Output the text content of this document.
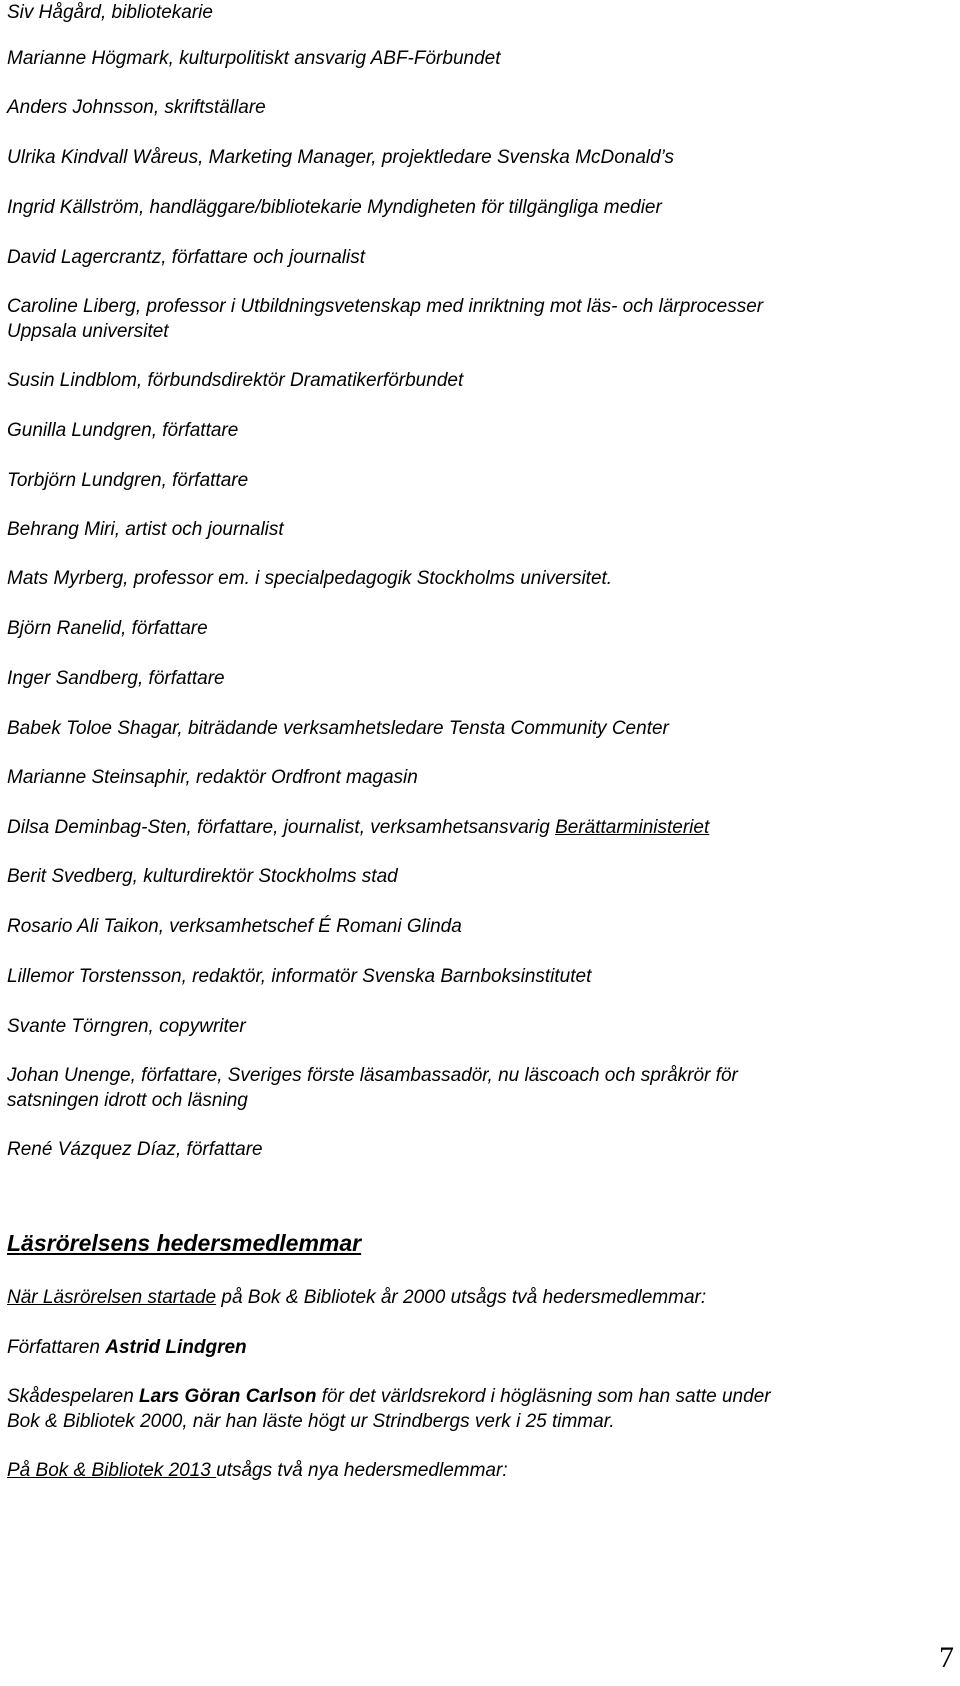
Siv Hågård, bibliotekarie
Marianne Högmark, kulturpolitiskt ansvarig ABF-Förbundet
Anders Johnsson, skriftställare
Ulrika Kindvall Wåreus, Marketing Manager, projektledare Svenska McDonald’s
Ingrid Källström, handläggare/bibliotekarie Myndigheten för tillgängliga medier
David Lagercrantz, författare och journalist
Caroline Liberg, professor i Utbildningsvetenskap med inriktning mot läs- och lärprocesser
Uppsala universitet
Susin Lindblom, förbundsdirektör Dramatikerförbundet
Gunilla Lundgren, författare
Torbjörn Lundgren, författare
Behrang Miri, artist och journalist
Mats Myrberg, professor em. i specialpedagogik Stockholms universitet.
Björn Ranelid, författare
Inger Sandberg, författare
Babek Toloe Shagar, biträdande verksamhetsledare Tensta Community Center
Marianne Steinsaphir, redaktör Ordfront magasin
Dilsa Deminbag-Sten, författare, journalist, verksamhetsansvarig Berättarministeriet
Berit Svedberg, kulturdirektör Stockholms stad
Rosario Ali Taikon, verksamhetschef É Romani Glinda
Lillemor Torstensson, redaktör, informatör Svenska Barnboksinstitutet
Svante Törngren, copywriter
Johan Unenge, författare, Sveriges förste läsambassadör, nu läscoach och språkrör för
satsningen idrott och läsning
René Vázquez Díaz, författare
Läsrörelsens hedersmedlemmar
När Läsrörelsen startade på Bok & Bibliotek år 2000 utsågs två hedersmedlemmar:
Författaren Astrid Lindgren
Skådespelaren Lars Göran Carlson för det världsrekord i högläsning som han satte under
Bok & Bibliotek 2000, när han läste högt ur Strindbergs verk i 25 timmar.
På Bok & Bibliotek 2013 utsågs två nya hedersmedlemmar:
7
